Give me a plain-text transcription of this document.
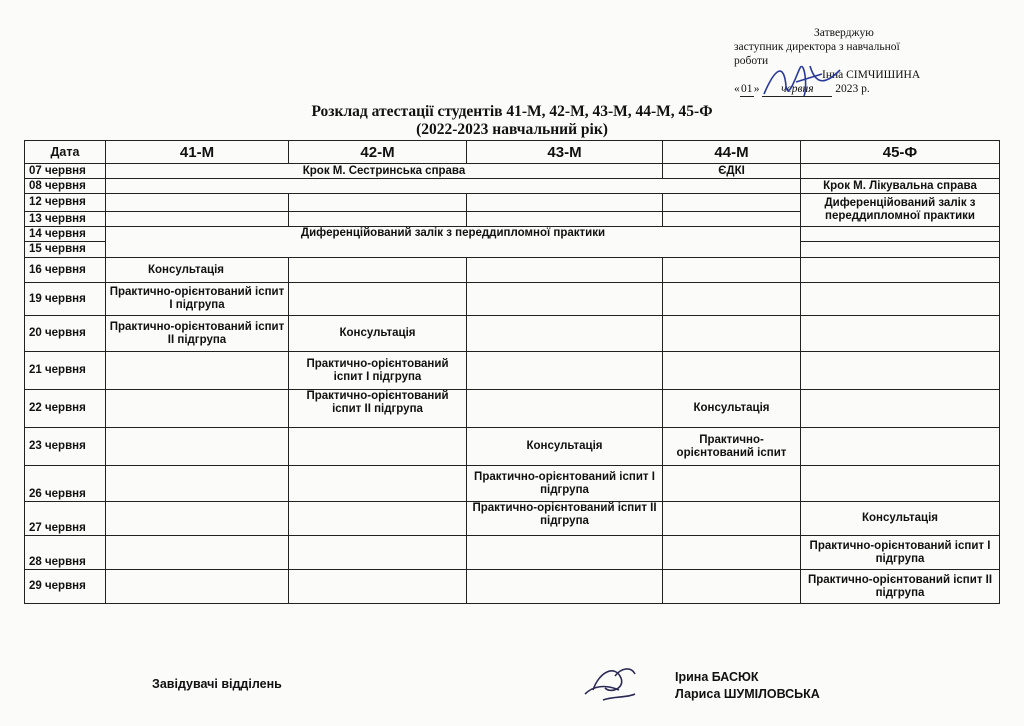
Затверджую
заступник директора з навчальної
роботи
Інна СІМЧИШИНА
«01» червня 2023 р.
Розклад атестації студентів 41-М, 42-М, 43-М, 44-М, 45-Ф
(2022-2023 навчальний рік)
Дата	41-М	42-М	43-М	44-М	45-Ф
07 червня	Крок М. Сестринська справа			ЄДКІ	
08 червня					Крок М. Лікувальна справа
12 червня					Диференційований залік з переддипломної практики
13 червня					
14 червня	Диференційований залік з переддипломної практики				
15 червня					
16 червня	Консультація				
19 червня	Практично-орієнтований іспит І підгрупа				
20 червня	Практично-орієнтований іспит ІІ підгрупа	Консультація			
21 червня		Практично-орієнтований іспит І підгрупа			
22 червня		Практично-орієнтований іспит ІІ підгрупа		Консультація	
23 червня			Консультація	Практично-орієнтований іспит	
26 червня			Практично-орієнтований іспит І підгрупа		
27 червня			Практично-орієнтований іспит ІІ підгрупа		Консультація
28 червня					Практично-орієнтований іспит І підгрупа
29 червня					Практично-орієнтований іспит ІІ підгрупа
Завідувачі відділень	Ірина БАСЮК
Лариса ШУМІЛОВСЬКА
